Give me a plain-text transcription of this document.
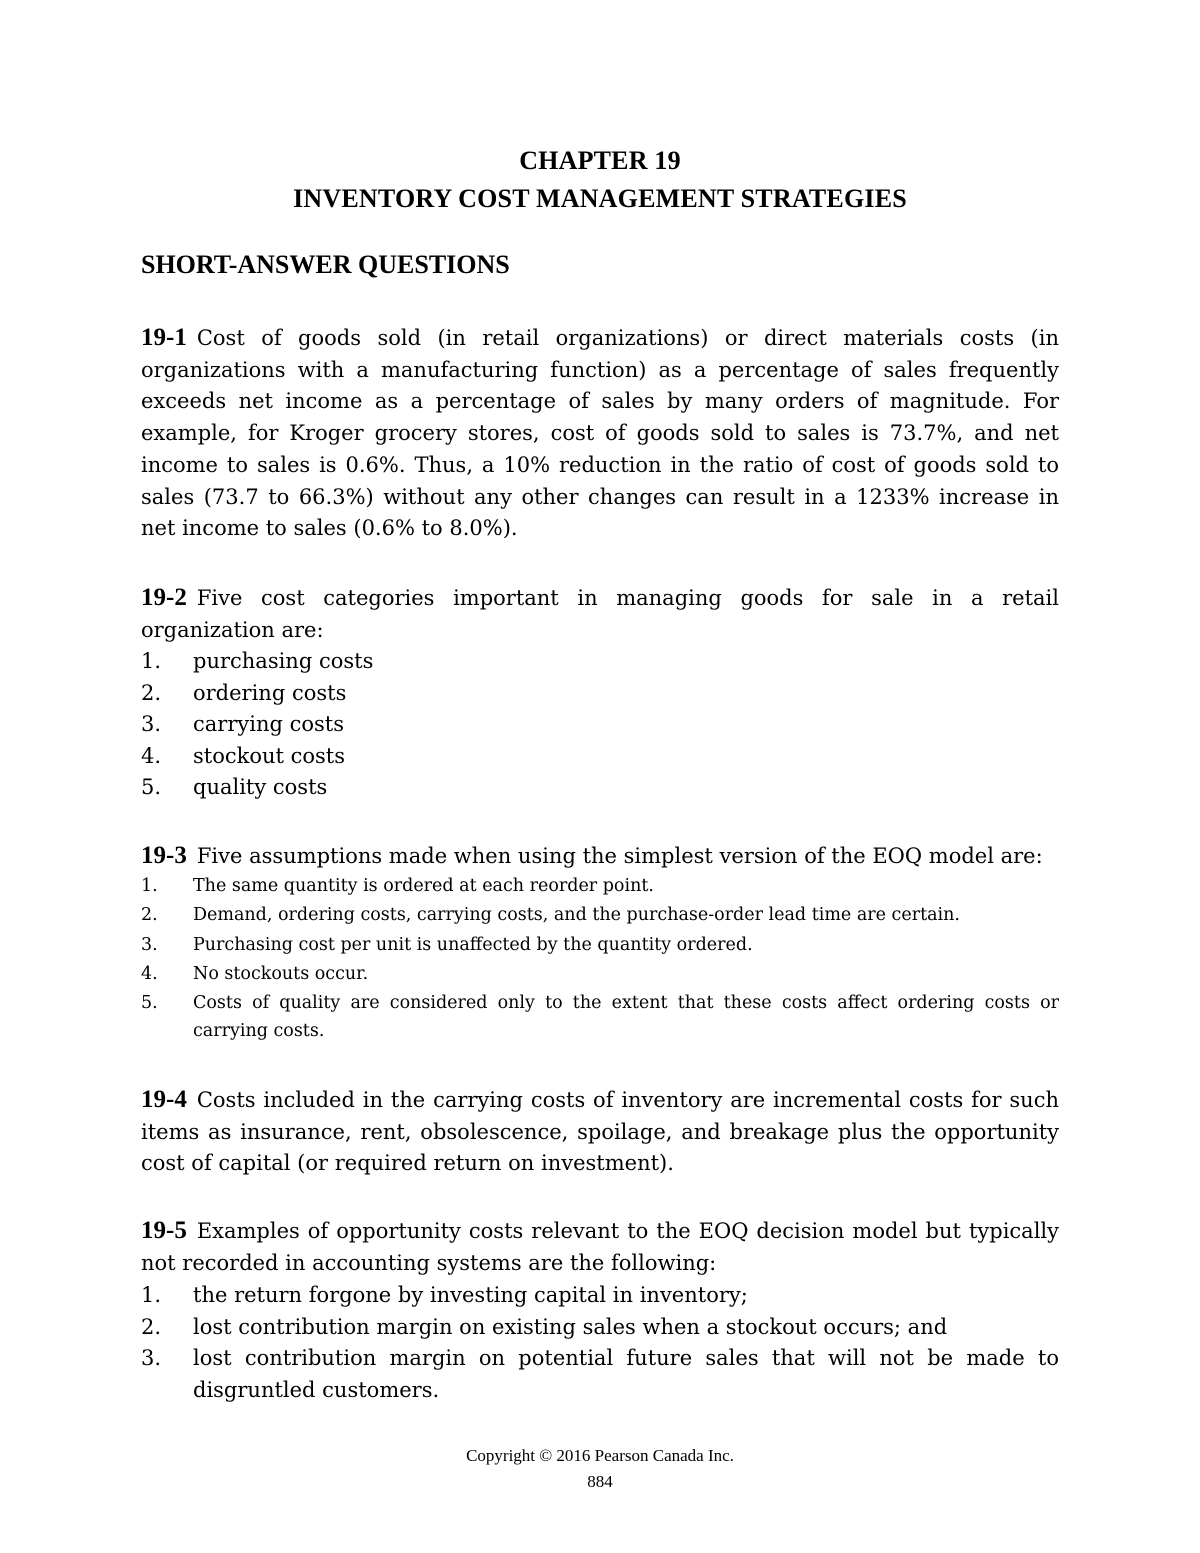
CHAPTER 19
INVENTORY COST MANAGEMENT STRATEGIES
SHORT-ANSWER QUESTIONS
19-1 Cost of goods sold (in retail organizations) or direct materials costs (in organizations with a manufacturing function) as a percentage of sales frequently exceeds net income as a percentage of sales by many orders of magnitude. For example, for Kroger grocery stores, cost of goods sold to sales is 73.7%, and net income to sales is 0.6%. Thus, a 10% reduction in the ratio of cost of goods sold to sales (73.7 to 66.3%) without any other changes can result in a 1233% increase in net income to sales (0.6% to 8.0%).
19-2 Five cost categories important in managing goods for sale in a retail organization are:
1. purchasing costs
2. ordering costs
3. carrying costs
4. stockout costs
5. quality costs
19-3 Five assumptions made when using the simplest version of the EOQ model are:
1. The same quantity is ordered at each reorder point.
2. Demand, ordering costs, carrying costs, and the purchase-order lead time are certain.
3. Purchasing cost per unit is unaffected by the quantity ordered.
4. No stockouts occur.
5. Costs of quality are considered only to the extent that these costs affect ordering costs or carrying costs.
19-4 Costs included in the carrying costs of inventory are incremental costs for such items as insurance, rent, obsolescence, spoilage, and breakage plus the opportunity cost of capital (or required return on investment).
19-5 Examples of opportunity costs relevant to the EOQ decision model but typically not recorded in accounting systems are the following:
1. the return forgone by investing capital in inventory;
2. lost contribution margin on existing sales when a stockout occurs; and
3. lost contribution margin on potential future sales that will not be made to disgruntled customers.
Copyright © 2016 Pearson Canada Inc.
884
